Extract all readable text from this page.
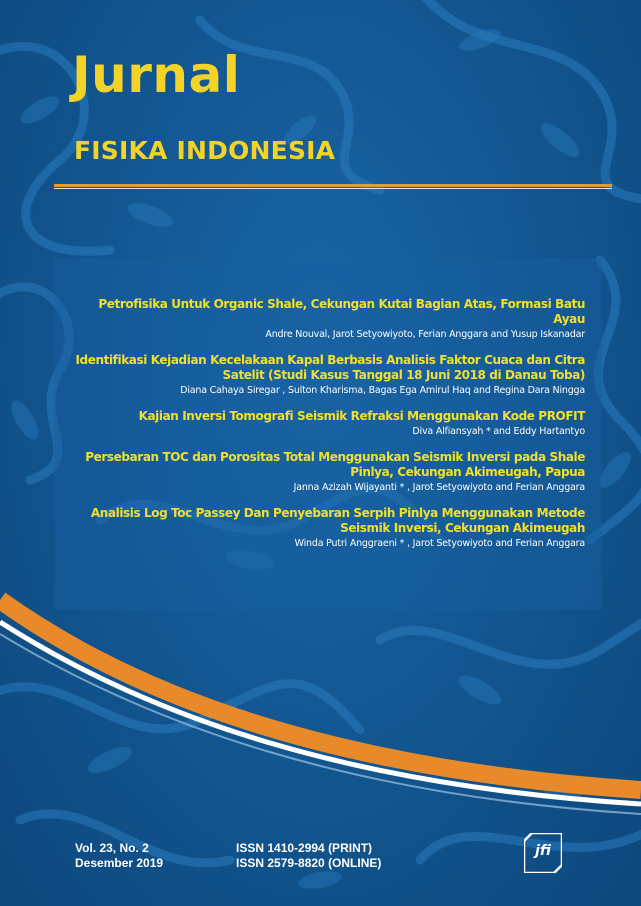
Jurnal
FISIKA INDONESIA

Petrofisika Untuk Organic Shale, Cekungan Kutai Bagian Atas, Formasi Batu Ayau

Andre Nouval, Jarot Setyowiyoto, Ferian Anggara and Yusup Iskanadar

Identifikasi Kejadian Kecelakaan Kapal Berbasis Analisis Faktor Cuaca dan Citra Satelit (Studi Kasus Tanggal 18 Juni 2018 di Danau Toba)

Diana Cahaya Siregar , Sulton Kharisma, Bagas Ega Amirul Haq and Regina Dara Ningga

Kajian Inversi Tomografi Seismik Refraksi Menggunakan Kode PROFIT

Diva Alfiansyah * and Eddy Hartantyo

Persebaran TOC dan Porositas Total Menggunakan Seismik Inversi pada Shale Pinlya, Cekungan Akimeugah, Papua

Janna Azizah Wijayanti * , Jarot Setyowiyoto and Ferian Anggara

Analisis Log Toc Passey Dan Penyebaran Serpih Pinlya Menggunakan Metode Seismik Inversi, Cekungan Akimeugah

Winda Putri Anggraeni * , Jarot Setyowiyoto and Ferian Anggara

Vol. 23, No. 2

Desember 2019

ISSN 1410-2994 (PRINT)

ISSN 2579-8820 (ONLINE)

jfi
